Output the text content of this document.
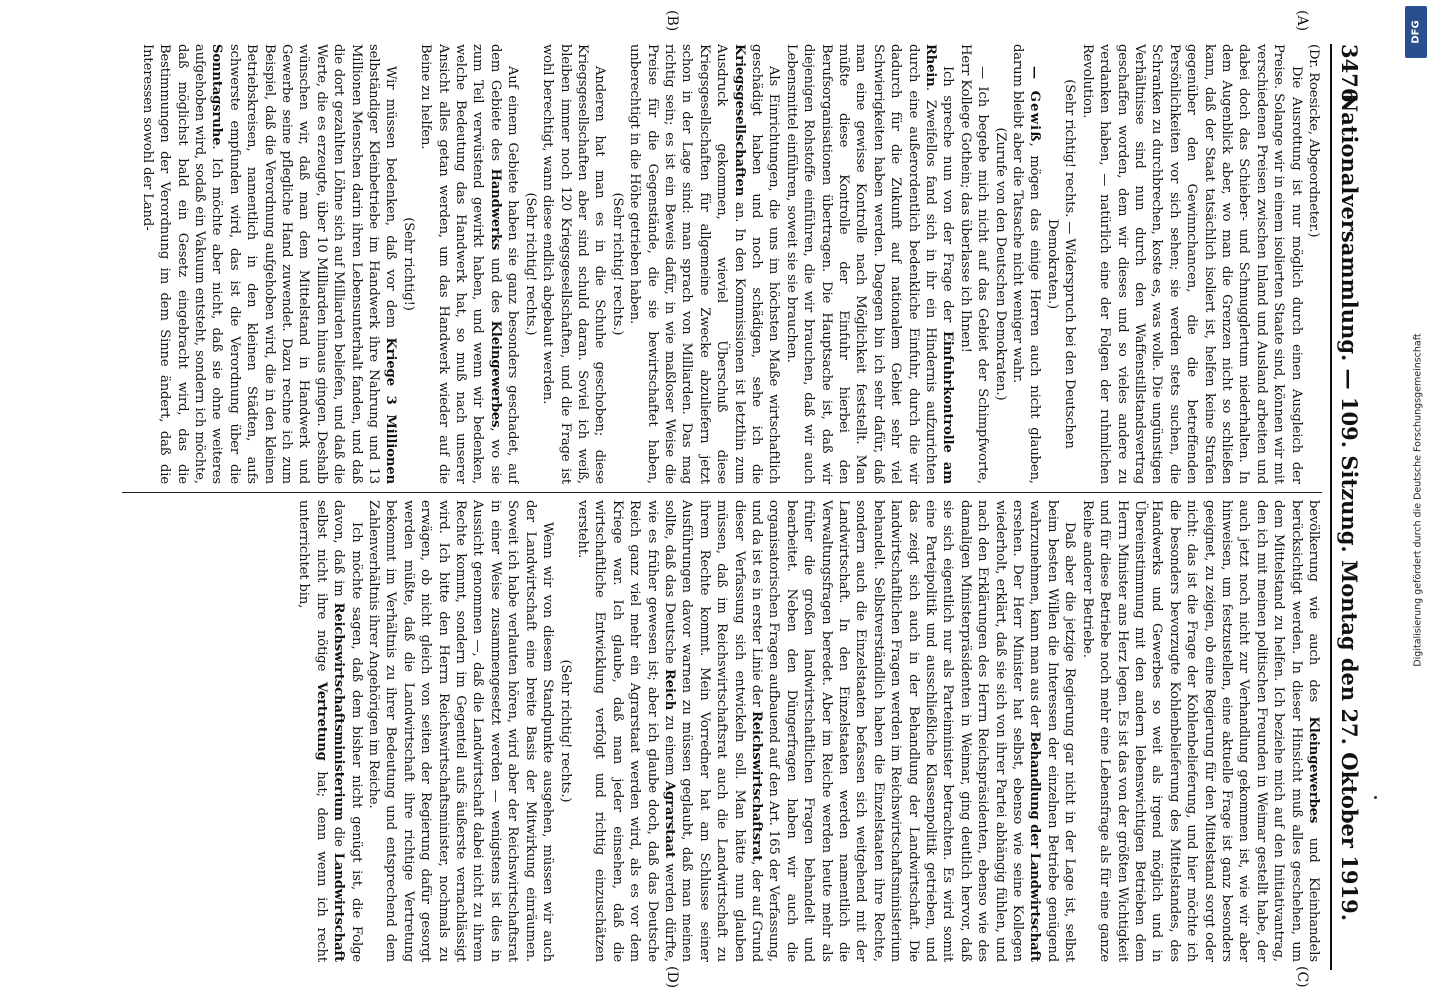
3476
Nationalversammlung. — 109. Sitzung. Montag den 27. Oktober 1919.
(A)
(B)
(C)
(D)

(Dr. Roesicke, Abgeordneter.)

Die Ausrottung ist nur möglich durch einen Ausgleich der Preise. Solange wir in einem isolierten Staate sind, können wir mit verschiedenen Preisen zwischen Inland und Ausland arbeiten und dabei doch das Schieber- und Schmugglertum niederhalten. In dem Augenblick aber, wo man die Grenzen nicht so schließen kann, daß der Staat tatsächlich isoliert ist, helfen keine Strafen gegenüber den Gewinnchancen, die die betreffenden Persönlichkeiten vor sich sehen; sie werden stets suchen, die Schranken zu durchbrechen, koste es, was wolle. Die ungünstigen Verhältnisse sind nun durch den Waffenstillstandsvertrag geschaffen worden, dem wir dieses und so vieles andere zu verdanken haben, — natürlich eine der Folgen der ruhmlichen Revolution.

(Sehr richtig! rechts. — Widerspruch bei den Deutschen Demokraten.)

— Gewiß, mögen das einige Herren auch nicht glauben, darum bleibt aber die Tatsache nicht weniger wahr.

(Zurufe von den Deutschen Demokraten.)

— Ich begebe mich nicht auf das Gebiet der Schimpfworte, Herr Kollege Gothein; das überlasse ich Ihnen!

Ich spreche nun von der Frage der Einfuhrkontrolle am Rhein. Zweifellos fand sich in ihr ein Hindernis aufzurichten durch eine außerordentlich bedenkliche Einfuhr, durch die wir dadurch für die Zukunft auf nationalem Gebiet sehr viel Schwierigkeiten haben werden. Dagegen bin ich sehr dafür, daß man eine gewisse Kontrolle nach Möglichkeit feststellt. Man müßte diese Kontrolle der Einfuhr hierbei den Berufsorganisationen übertragen. Die Hauptsache ist, daß wir diejenigen Rohstoffe einführen, die wir brauchen, daß wir auch Lebensmittel einführen, soweit sie sie brauchen.

Als Einrichtungen, die uns im höchsten Maße wirtschaftlich geschädigt haben und noch schädigen, sehe ich die Kriegsgesellschaften an. In den Kommissionen ist letzthin zum Ausdruck gekommen, wieviel Überschuß diese Kriegsgesellschaften für allgemeine Zwecke abzuliefern jetzt schon in der Lage sind: man sprach von Milliarden. Das mag richtig sein; es ist ein Beweis dafür, in wie maßloser Weise die Preise für die Gegenstände, die sie bewirtschaftet haben, unberechtigt in die Höhe getrieben haben.

(Sehr richtig! rechts.)

Anderen hat man es in die Schuhe geschoben; diese Kriegsgesellschaften aber sind schuld daran. Soviel ich weiß, bleiben immer noch 120 Kriegsgesellschaften, und die Frage ist wohl berechtigt, wann diese endlich abgebaut werden.

(Sehr richtig! rechts.)

Auf einem Gebiete haben sie ganz besonders geschadet, auf dem Gebiete des Handwerks und des Kleingewerbes, wo sie zum Teil verwüstend gewirkt haben, und wenn wir bedenken, welche Bedeutung das Handwerk hat, so muß nach unserer Ansicht alles getan werden, um das Handwerk wieder auf die Beine zu helfen.

(Sehr richtig!)

Wir müssen bedenken, daß vor dem Kriege 3 Millionen selbständiger Kleinbetriebe im Handwerk ihre Nahrung und 13 Millionen Menschen darin ihren Lebensunterhalt fanden, und daß die dort gezahlten Löhne sich auf Milliarden beliefen, und daß die Werte, die es erzeugte, über 10 Milliarden hinaus gingen. Deshalb wünschen wir, daß man dem Mittelstand in Handwerk und Gewerbe seine pflegliche Hand zuwendet. Dazu rechne ich zum Beispiel, daß die Verordnung aufgehoben wird, die in den kleinen Betriebskreisen, namentlich in den kleinen Städten, aufs schwerste empfunden wird, das ist die Verordnung über die Sonntagsruhe. Ich möchte aber nicht, daß sie ohne weiteres aufgehoben wird, sodaß ein Vakuum entsteht, sondern ich möchte, daß möglichst bald ein Gesetz eingebracht wird, das die Bestimmungen der Verordnung im dem Sinne ändert, daß die Interessen sowohl der Land-

bevölkerung wie auch des Kleingewerbes und Kleinhandels berücksichtigt werden. In dieser Hinsicht muß alles geschehen, um dem Mittelstand zu helfen. Ich beziehe mich auf den Initiativantrag, den ich mit meinen politischen Freunden in Weimar gestellt habe, der auch jetzt noch nicht zur Verhandlung gekommen ist, wie wir aber hinweisen, um festzustellen, eine aktuelle Frage ist ganz besonders geeignet, zu zeigen, ob eine Regierung für den Mittelstand sorgt oder nicht: das ist die Frage der Kohlenbelieferung, und hier möchte ich die besonders bevorzugte Kohlenbelieferung des Mittelstandes, des Handwerks und Gewerbes so weit als irgend möglich und in Übereinstimmung mit den andern lebenswichtigen Betrieben dem Herrn Minister ans Herz legen. Es ist das von der größten Wichtigkeit und für diese Betriebe noch mehr eine Lebensfrage als für eine ganze Reihe anderer Betriebe.

Daß aber die jetzige Regierung gar nicht in der Lage ist, selbst beim besten Willen die Interessen der einzelnen Betriebe genügend wahrzunehmen, kann man aus der Behandlung der Landwirtschaft ersehen. Der Herr Minister hat selbst, ebenso wie seine Kollegen wiederholt, erklärt, daß sie sich von ihrer Partei abhängig fühlen, und nach den Erklärungen des Herrn Reichspräsidenten, ebenso wie des damaligen Ministerpräsidenten in Weimar, ging deutlich hervor, daß sie sich eigentlich nur als Parteiminister betrachten. Es wird somit eine Parteipolitik und ausschließliche Klassenpolitik getrieben, und das zeigt sich auch in der Behandlung der Landwirtschaft. Die landwirtschaftlichen Fragen werden im Reichswirtschaftsministerium behandelt. Selbstverständlich haben die Einzelstaaten ihre Rechte, sondern auch die Einzelstaaten befassen sich weitgehend mit der Landwirtschaft. In den Einzelstaaten werden namentlich die Verwaltungsfragen beredet. Aber im Reiche werden heute mehr als früher die großen landwirtschaftlichen Fragen behandelt und bearbeitet. Neben den Düngerfragen haben wir auch die organisatorischen Fragen aufbauend auf den Art. 165 der Verfassung, und da ist es in erster Linie der Reichswirtschaftsrat, der auf Grund dieser Verfassung sich entwickeln soll. Man hätte nun glauben müssen, daß im Reichswirtschaftsrat auch die Landwirtschaft zu ihrem Rechte kommt. Mein Vorredner hat am Schlusse seiner Ausführungen davor warnen zu müssen geglaubt, daß man meinen sollte, daß das Deutsche Reich zu einem Agrarstaat werden dürfte, wie es früher gewesen ist; aber ich glaube doch, daß das Deutsche Reich ganz viel mehr ein Agrarstaat werden wird, als es vor dem Kriege war. Ich glaube, daß man jeder einsehen, daß die wirtschaftliche Entwicklung verfolgt und richtig einzuschätzen versteht.

(Sehr richtig! rechts.)

Wenn wir von diesem Standpunkte ausgehen, müssen wir auch der Landwirtschaft eine breite Basis der Mitwirkung einräumen. Soweit ich habe verlauten hören, wird aber der Reichswirtschaftsrat in einer Weise zusammengesetzt werden — wenigstens ist dies in Aussicht genommen —, daß die Landwirtschaft dabei nicht zu ihrem Rechte kommt, sondern im Gegenteil aufs äußerste vernachlässigt wird. Ich bitte den Herrn Reichswirtschaftsminister, nochmals zu erwägen, ob nicht gleich von seiten der Regierung dafür gesorgt werden müßte, daß die Landwirtschaft ihre richtige Vertretung bekommt im Verhältnis zu ihrer Bedeutung und entsprechend dem Zahlenverhältnis ihrer Angehörigen im Reiche.

Ich möchte sagen, daß dem bisher nicht genügt ist, die Folge davon, daß im Reichswirtschaftsministerium die Landwirtschaft selbst nicht ihre nötige Vertretung hat; denn wenn ich recht unterrichtet bin,

DFG
Digitalisierung gefördert durch die Deutsche Forschungsgemeinschaft
